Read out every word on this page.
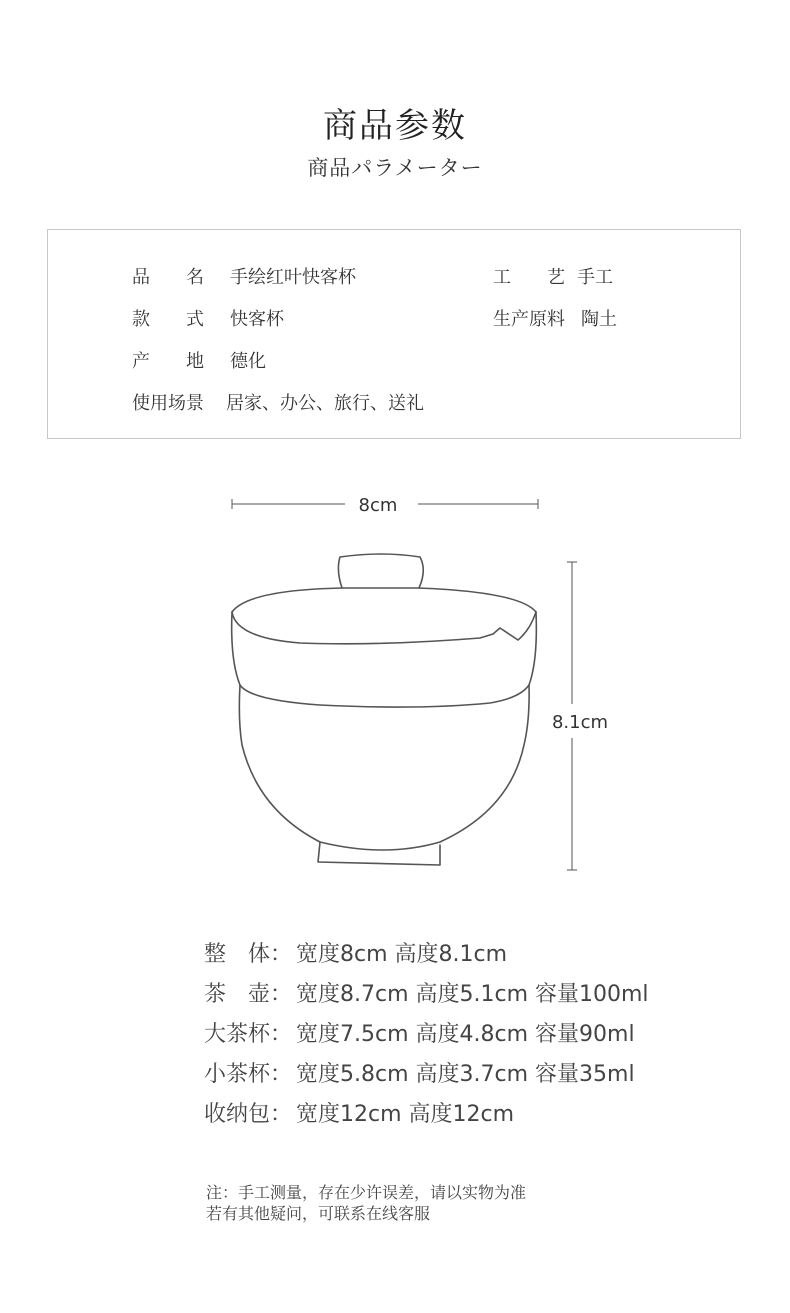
商品参数
商品パラメーター
品　　名 手绘红叶快客杯
款　　式 快客杯
产　　地 德化
使用场景 居家、办公、旅行、送礼
工　　艺 手工
生产原料 陶土
8cm
8.1cm
整　体： 宽度8cm 高度8.1cm
茶　壶： 宽度8.7cm 高度5.1cm 容量100ml
大茶杯： 宽度7.5cm 高度4.8cm 容量90ml
小茶杯： 宽度5.8cm 高度3.7cm 容量35ml
收纳包： 宽度12cm 高度12cm
注：手工测量，存在少许误差，请以实物为准
若有其他疑问，可联系在线客服
